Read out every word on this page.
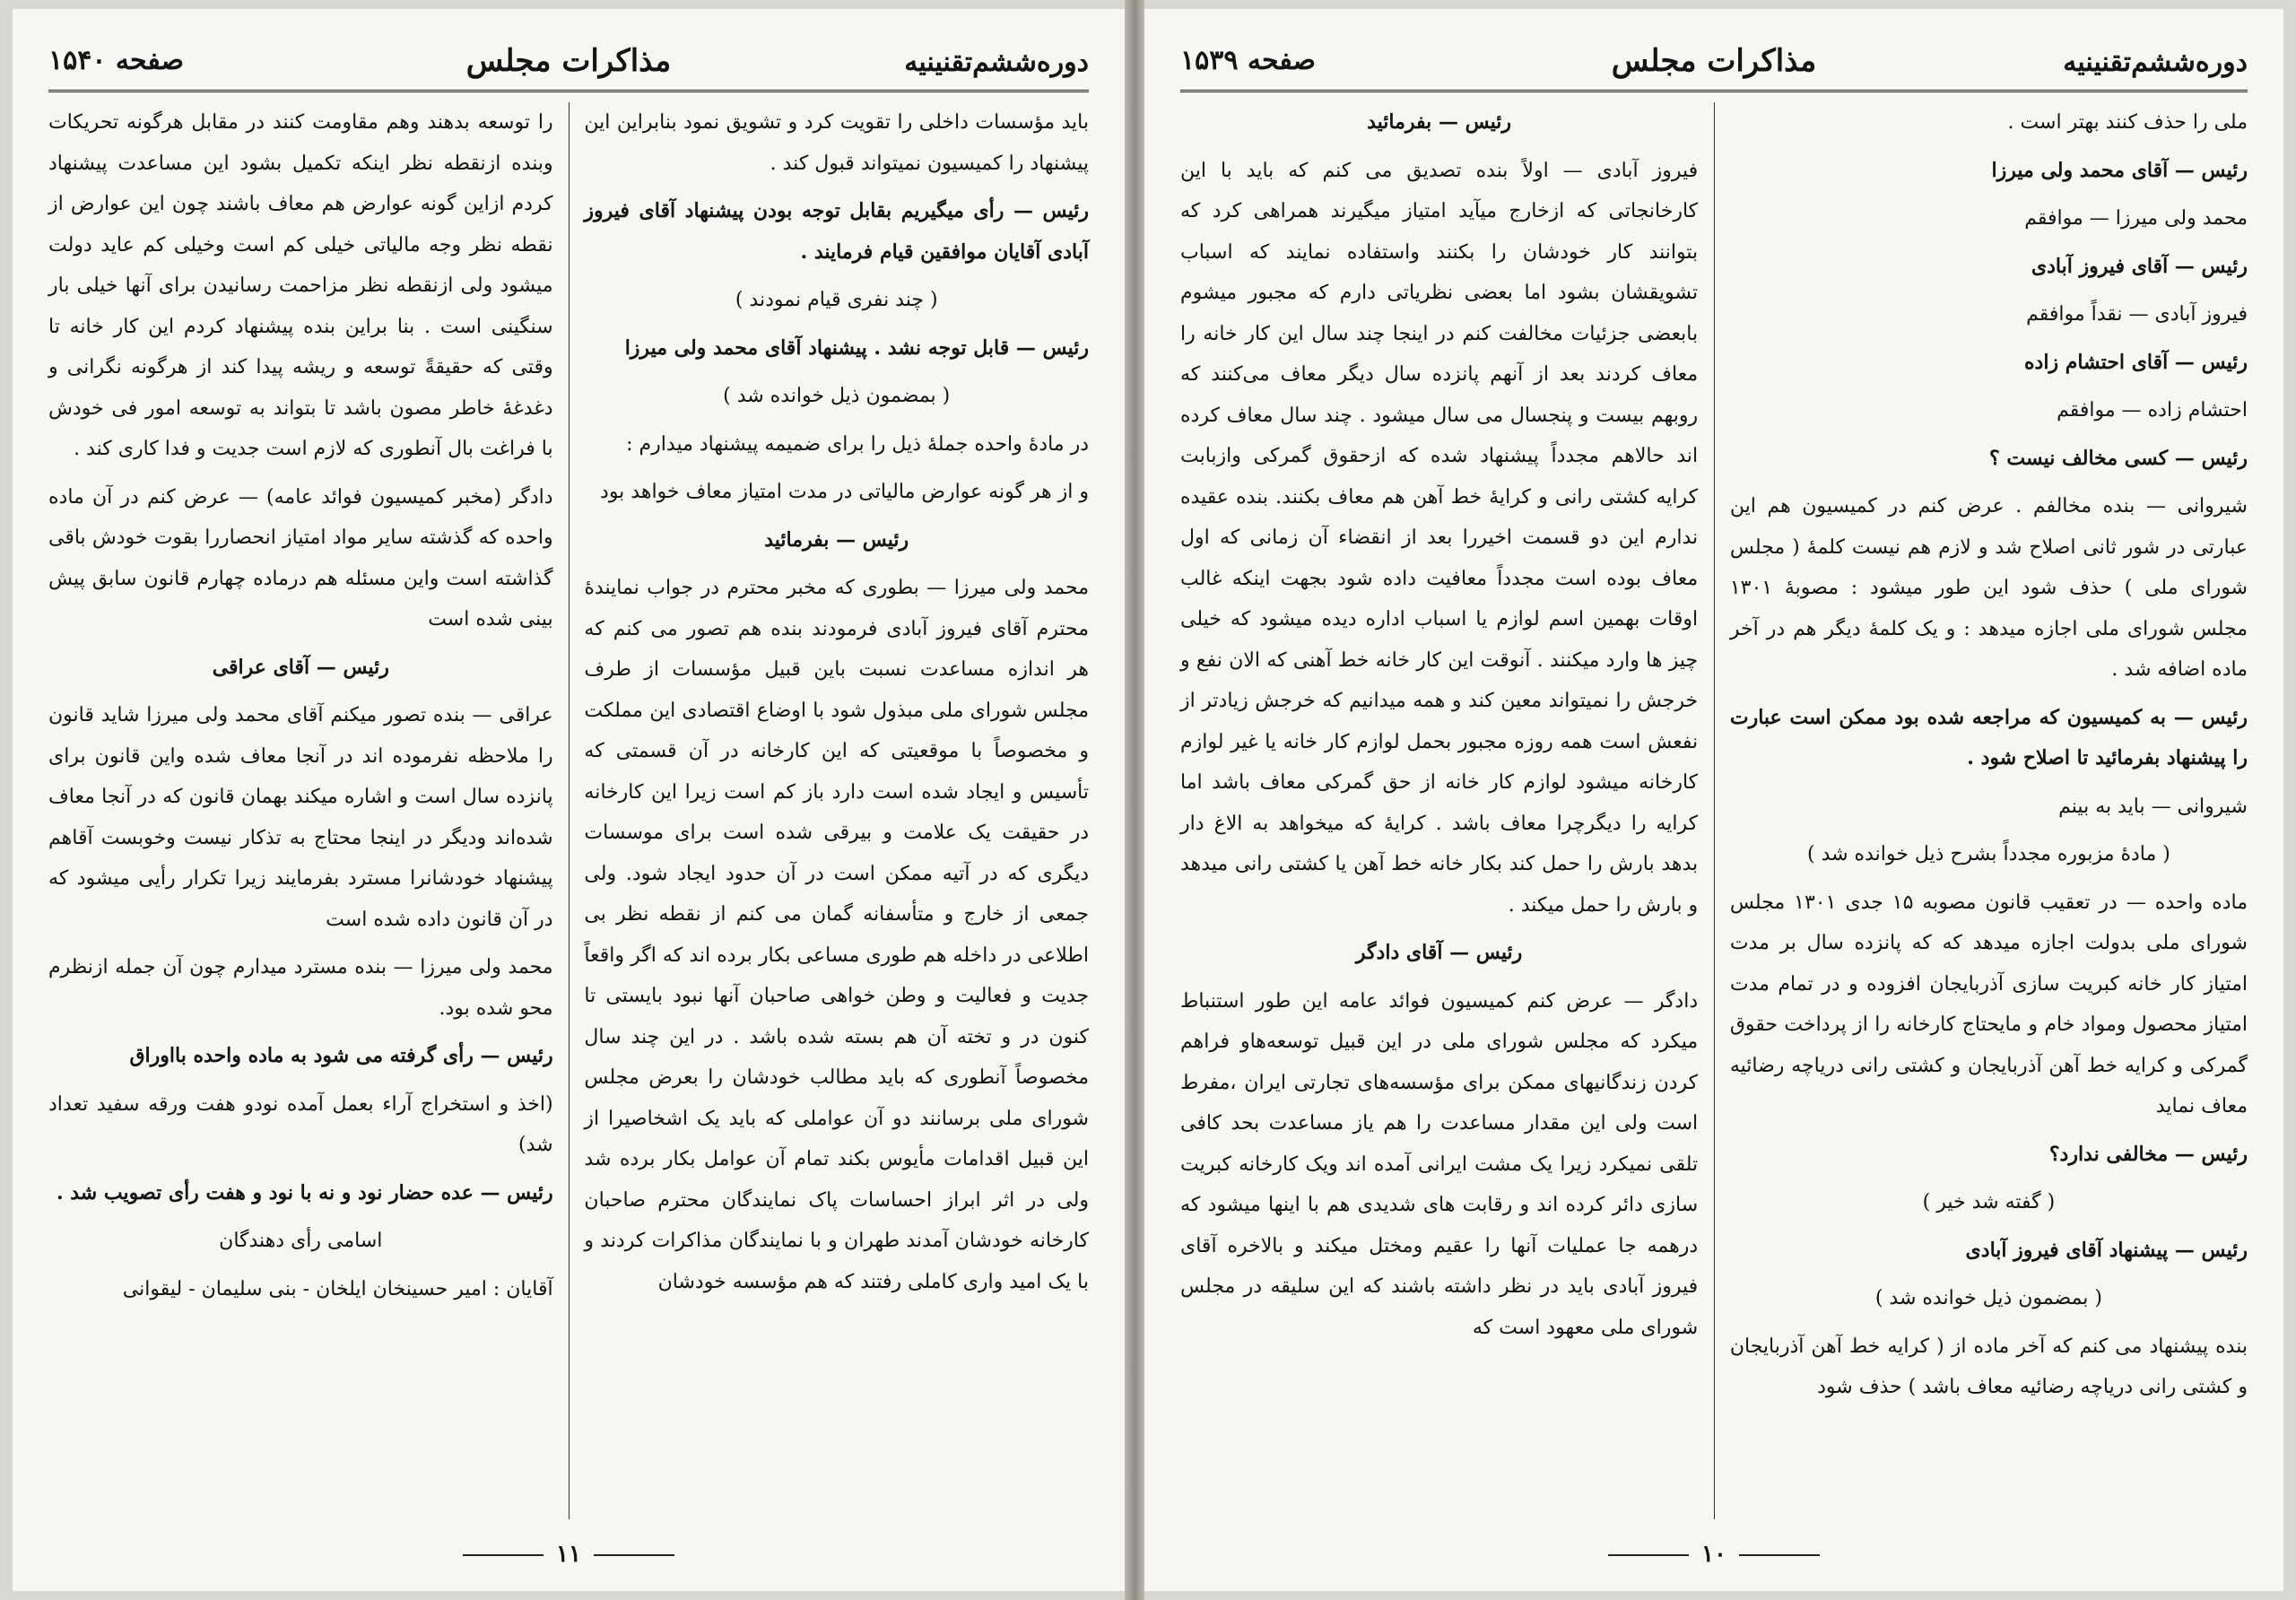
دوره‌ششم‌تقنینیه
مذاکرات مجلس
صفحه ۱۵۴۰

باید مؤسسات داخلی را تقویت کرد و تشویق نمود بنابراین این پیشنهاد را کمیسیون نمیتواند قبول کند .

رئیس — رأی میگیریم بقابل توجه بودن پیشنهاد آقای فیروز آبادی آقایان موافقین قیام فرمایند .

( چند نفری قیام نمودند )

رئیس — قابل توجه نشد . پیشنهاد آقای محمد ولی میرزا

( بمضمون ذیل خوانده شد )

در مادهٔ واحده جملهٔ ذیل را برای ضمیمه پیشنهاد میدارم :

و از هر گونه عوارض مالیاتی در مدت امتیاز معاف خواهد بود

رئیس — بفرمائید

محمد ولی میرزا — بطوری که مخبر محترم در جواب نمایندهٔ محترم آقای فیروز آبادی فرمودند بنده هم تصور می کنم که هر اندازه مساعدت نسبت باین قبیل مؤسسات از طرف مجلس شورای ملی مبذول شود با اوضاع اقتصادی این مملکت و مخصوصاً با موقعیتی که این کارخانه در آن قسمتی که تأسیس و ایجاد شده است دارد باز کم است زیرا این کارخانه در حقیقت یک علامت و بیرقی شده است برای موسسات دیگری که در آتیه ممکن است در آن حدود ایجاد شود. ولی جمعی از خارج و متأسفانه گمان می کنم از نقطه نظر بی اطلاعی در داخله هم طوری مساعی بکار برده اند که اگر واقعاً جدیت و فعالیت و وطن خواهی صاحبان آنها نبود بایستی تا کنون در و تخته آن هم بسته شده باشد . در این چند سال مخصوصاً آنطوری که باید مطالب خودشان را بعرض مجلس شورای ملی برسانند دو آن عواملی که باید یک اشخاصیرا از این قبیل اقدامات مأیوس بکند تمام آن عوامل بکار برده شد ولی در اثر ابراز احساسات پاک نمایندگان محترم صاحبان کارخانه خودشان آمدند طهران و با نمایندگان مذاکرات کردند و با یک امید واری کاملی رفتند که هم مؤسسه خودشان

را توسعه بدهند وهم مقاومت کنند در مقابل هرگونه تحریکات وبنده ازنقطه نظر اینکه تکمیل بشود این مساعدت پیشنهاد کردم ازاین گونه عوارض هم معاف باشند چون این عوارض از نقطه نظر وجه مالیاتی خیلی کم است وخیلی کم عاید دولت میشود ولی ازنقطه نظر مزاحمت رسانیدن برای آنها خیلی بار سنگینی است . بنا براین بنده پیشنهاد کردم این کار خانه تا وقتی که حقیقةً توسعه و ریشه پیدا کند از هرگونه نگرانی و دغدغهٔ خاطر مصون باشد تا بتواند به توسعه امور فی خودش با فراغت بال آنطوری که لازم است جدیت و فدا کاری کند .

دادگر (مخبر کمیسیون فوائد عامه) — عرض کنم در آن ماده واحده که گذشته سایر مواد امتیاز انحصاررا بقوت خودش باقی گذاشته است واین مسئله هم درماده چهارم قانون سابق پیش بینی شده است

رئیس — آقای عراقی

عراقی — بنده تصور میکنم آقای محمد ولی میرزا شاید قانون را ملاحظه نفرموده اند در آنجا معاف شده واین قانون برای پانزده سال است و اشاره میکند بهمان قانون که در آنجا معاف شده‌اند ودیگر در اینجا محتاج به تذکار نیست وخوبست آقاهم پیشنهاد خودشانرا مسترد بفرمایند زیرا تکرار رأیی میشود که در آن قانون داده شده است

محمد ولی میرزا — بنده مسترد میدارم چون آن جمله ازنظرم محو شده بود.

رئیس — رأی گرفته می شود به ماده واحده بااوراق

(اخذ و استخراج آراء بعمل آمده نودو هفت ورقه سفید تعداد شد)

رئیس — عده حضار نود و نه با نود و هفت رأی تصویب شد .

اسامی رأی دهندگان

آقایان : امیر حسینخان ایلخان - بنی سلیمان - لیقوانی

۱۱
دوره‌ششم‌تقنینیه
مذاکرات مجلس
صفحه ۱۵۳۹

ملی را حذف کنند بهتر است .

رئیس — آقای محمد ولی میرزا

محمد ولی میرزا — موافقم

رئیس — آقای فیروز آبادی

فیروز آبادی — نقداً موافقم

رئیس — آقای احتشام زاده

احتشام زاده — موافقم

رئیس — کسی مخالف نیست ؟

شیروانی — بنده مخالفم . عرض کنم در کمیسیون هم این عبارتی در شور ثانی اصلاح شد و لازم هم نیست کلمهٔ ( مجلس شورای ملی ) حذف شود این طور میشود : مصوبهٔ ۱۳۰۱ مجلس شورای ملی اجازه میدهد : و یک کلمهٔ دیگر هم در آخر ماده اضافه شد .

رئیس — به کمیسیون که مراجعه شده بود ممکن است عبارت را پیشنهاد بفرمائید تا اصلاح شود .

شیروانی — باید به بینم

( مادهٔ مزبوره مجدداً بشرح ذیل خوانده شد )

ماده واحده — در تعقیب قانون مصوبه ۱۵ جدی ۱۳۰۱ مجلس شورای ملی بدولت اجازه میدهد که که پانزده سال بر مدت امتیاز کار خانه کبریت سازی آذربایجان افزوده و در تمام مدت امتیاز محصول ومواد خام و مایحتاج کارخانه را از پرداخت حقوق گمرکی و کرایه خط آهن آذربایجان و کشتی رانی دریاچه رضائیه معاف نماید

رئیس — مخالفی ندارد؟

( گفته شد خیر )

رئیس — پیشنهاد آقای فیروز آبادی

( بمضمون ذیل خوانده شد )

بنده پیشنهاد می کنم که آخر ماده از ( کرایه خط آهن آذربایجان و کشتی رانی دریاچه رضائیه معاف باشد ) حذف شود

رئیس — بفرمائید

فیروز آبادی — اولاً بنده تصدیق می کنم که باید با این کارخانجاتی که ازخارج میآید امتیاز میگیرند همراهی کرد که بتوانند کار خودشان را بکنند واستفاده نمایند که اسباب تشویقشان بشود اما بعضی نظریاتی دارم که مجبور میشوم بابعضی جزئیات مخالفت کنم در اینجا چند سال این کار خانه را معاف کردند بعد از آنهم پانزده سال دیگر معاف می‌کنند که روبهم بیست و پنجسال می سال میشود . چند سال معاف کرده اند حالاهم مجدداً پیشنهاد شده که ازحقوق گمرکی وازبابت کرایه کشتی رانی و کرایهٔ خط آهن هم معاف بکنند. بنده عقیده ندارم این دو قسمت اخیررا بعد از انقضاء آن زمانی که اول معاف بوده است مجدداً معافیت داده شود بجهت اینکه غالب اوقات بهمین اسم لوازم یا اسباب اداره دیده میشود که خیلی چیز ها وارد میکنند . آنوقت این کار خانه خط آهنی که الان نفع و خرجش را نمیتواند معین کند و همه میدانیم که خرجش زیادتر از نفعش است همه روزه مجبور بحمل لوازم کار خانه یا غیر لوازم کارخانه میشود لوازم کار خانه از حق گمرکی معاف باشد اما کرایه را دیگرچرا معاف باشد . کرایهٔ که میخواهد به الاغ دار بدهد بارش را حمل کند بکار خانه خط آهن یا کشتی رانی میدهد و بارش را حمل میکند .

رئیس — آقای دادگر

دادگر — عرض کنم کمیسیون فوائد عامه این طور استنباط میکرد که مجلس شورای ملی در این قبیل توسعه‌هاو فراهم کردن زندگانیهای ممکن برای مؤسسه‌های تجارتی ایران ،مفرط است ولی این مقدار مساعدت را هم یاز مساعدت بحد کافی تلقی نمیکرد زیرا یک مشت ایرانی آمده اند ویک کارخانه کبریت سازی دائر کرده اند و رقابت های شدیدی هم با اینها میشود که درهمه جا عملیات آنها را عقیم ومختل میکند و بالاخره آقای فیروز آبادی باید در نظر داشته باشند که این سلیقه در مجلس شورای ملی معهود است که

۱۰
